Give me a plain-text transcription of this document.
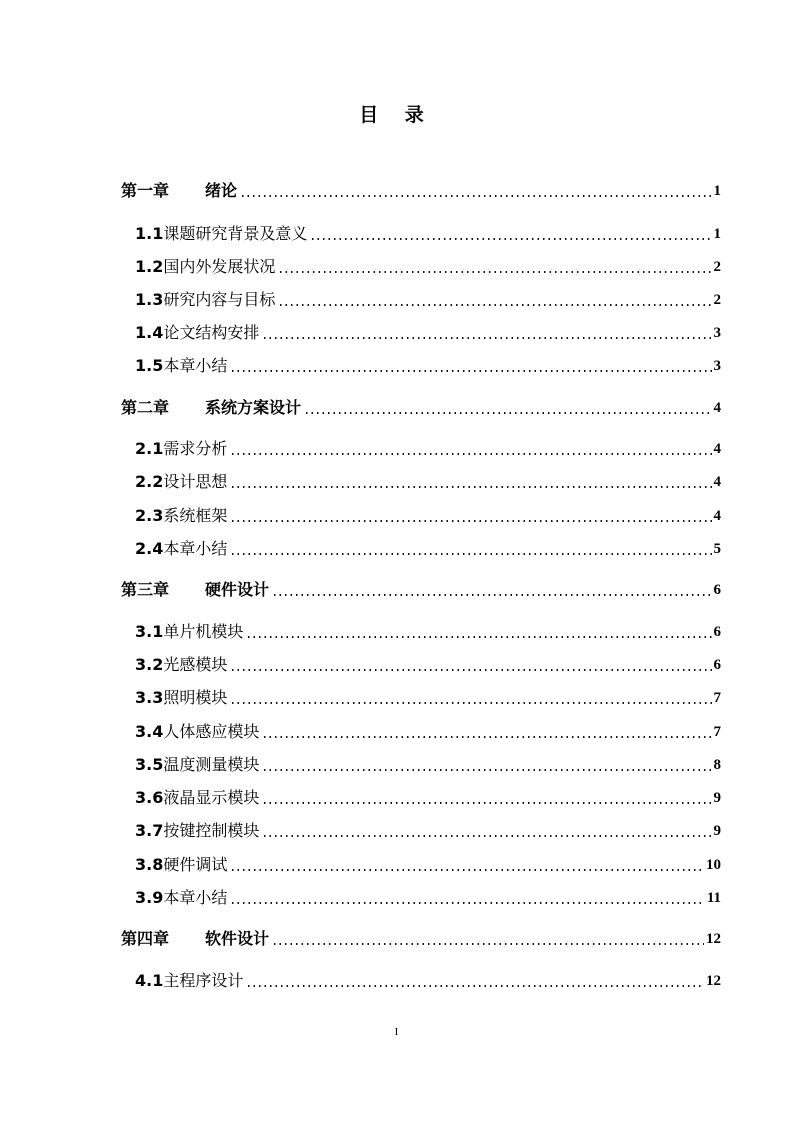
目 录
第一章 绪论	1
1.1课题研究背景及意义	1
1.2国内外发展状况	2
1.3研究内容与目标	2
1.4论文结构安排	3
1.5本章小结	3
第二章 系统方案设计	4
2.1需求分析	4
2.2设计思想	4
2.3系统框架	4
2.4本章小结	5
第三章 硬件设计	6
3.1单片机模块	6
3.2光感模块	6
3.3照明模块	7
3.4人体感应模块	7
3.5温度测量模块	8
3.6液晶显示模块	9
3.7按键控制模块	9
3.8硬件调试	10
3.9本章小结	11
第四章 软件设计	12
4.1主程序设计	12
I
